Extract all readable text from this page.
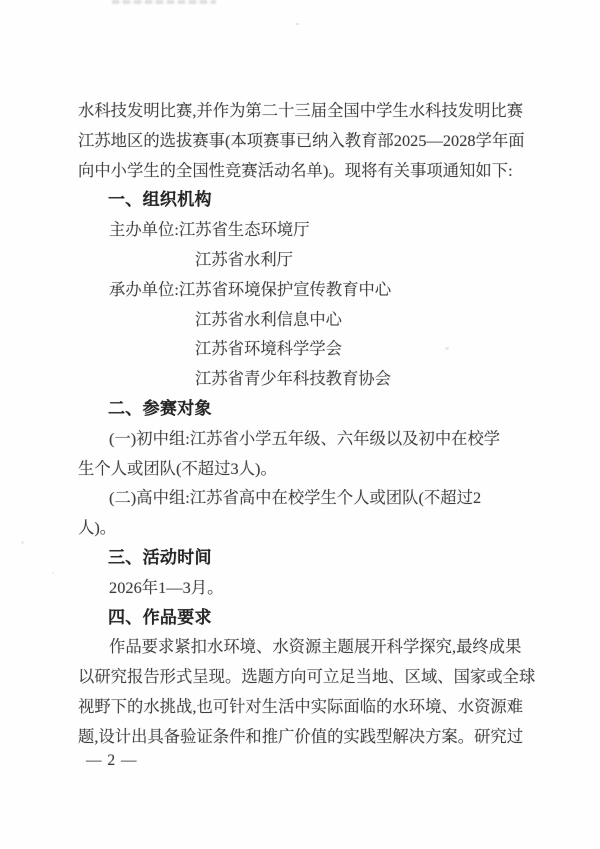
水科技发明比赛,并作为第二十三届全国中学生水科技发明比赛
江苏地区的选拔赛事(本项赛事已纳入教育部2025—2028学年面
向中小学生的全国性竞赛活动名单)。现将有关事项通知如下:
一、组织机构
主办单位:江苏省生态环境厅
江苏省水利厅
承办单位:江苏省环境保护宣传教育中心
江苏省水利信息中心
江苏省环境科学学会
江苏省青少年科技教育协会
二、参赛对象
(一)初中组:江苏省小学五年级、六年级以及初中在校学
生个人或团队(不超过3人)。
(二)高中组:江苏省高中在校学生个人或团队(不超过2
人)。
三、活动时间
2026年1—3月。
四、作品要求
作品要求紧扣水环境、水资源主题展开科学探究,最终成果
以研究报告形式呈现。选题方向可立足当地、区域、国家或全球
视野下的水挑战,也可针对生活中实际面临的水环境、水资源难
题,设计出具备验证条件和推广价值的实践型解决方案。研究过
— 2 —
